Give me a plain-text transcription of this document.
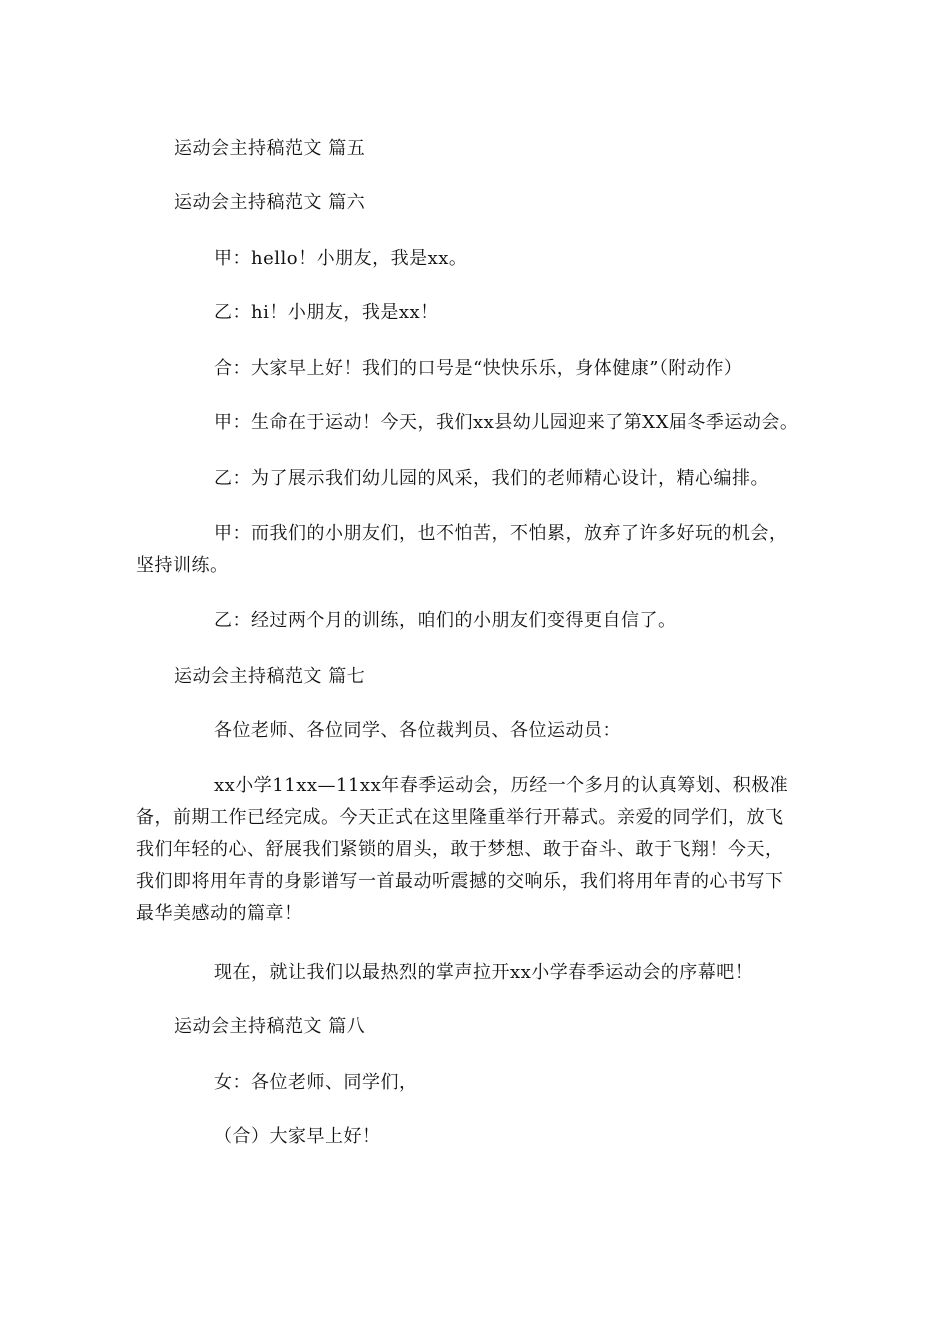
运动会主持稿范文 篇五
运动会主持稿范文 篇六
甲：hello！小朋友，我是xx。
乙：hi！小朋友，我是xx！
合：大家早上好！我们的口号是“快快乐乐，身体健康”（附动作）
甲：生命在于运动！今天，我们xx县幼儿园迎来了第XX届冬季运动会。
乙：为了展示我们幼儿园的风采，我们的老师精心设计，精心编排。
甲：而我们的小朋友们，也不怕苦，不怕累，放弃了许多好玩的机会，
坚持训练。
乙：经过两个月的训练，咱们的小朋友们变得更自信了。
运动会主持稿范文 篇七
各位老师、各位同学、各位裁判员、各位运动员：
xx小学11xx—11xx年春季运动会，历经一个多月的认真筹划、积极准
备，前期工作已经完成。今天正式在这里隆重举行开幕式。亲爱的同学们，放飞
我们年轻的心、舒展我们紧锁的眉头，敢于梦想、敢于奋斗、敢于飞翔！今天，
我们即将用年青的身影谱写一首最动听震撼的交响乐，我们将用年青的心书写下
最华美感动的篇章！
现在，就让我们以最热烈的掌声拉开xx小学春季运动会的序幕吧！
运动会主持稿范文 篇八
女：各位老师、同学们，
（合）大家早上好！
